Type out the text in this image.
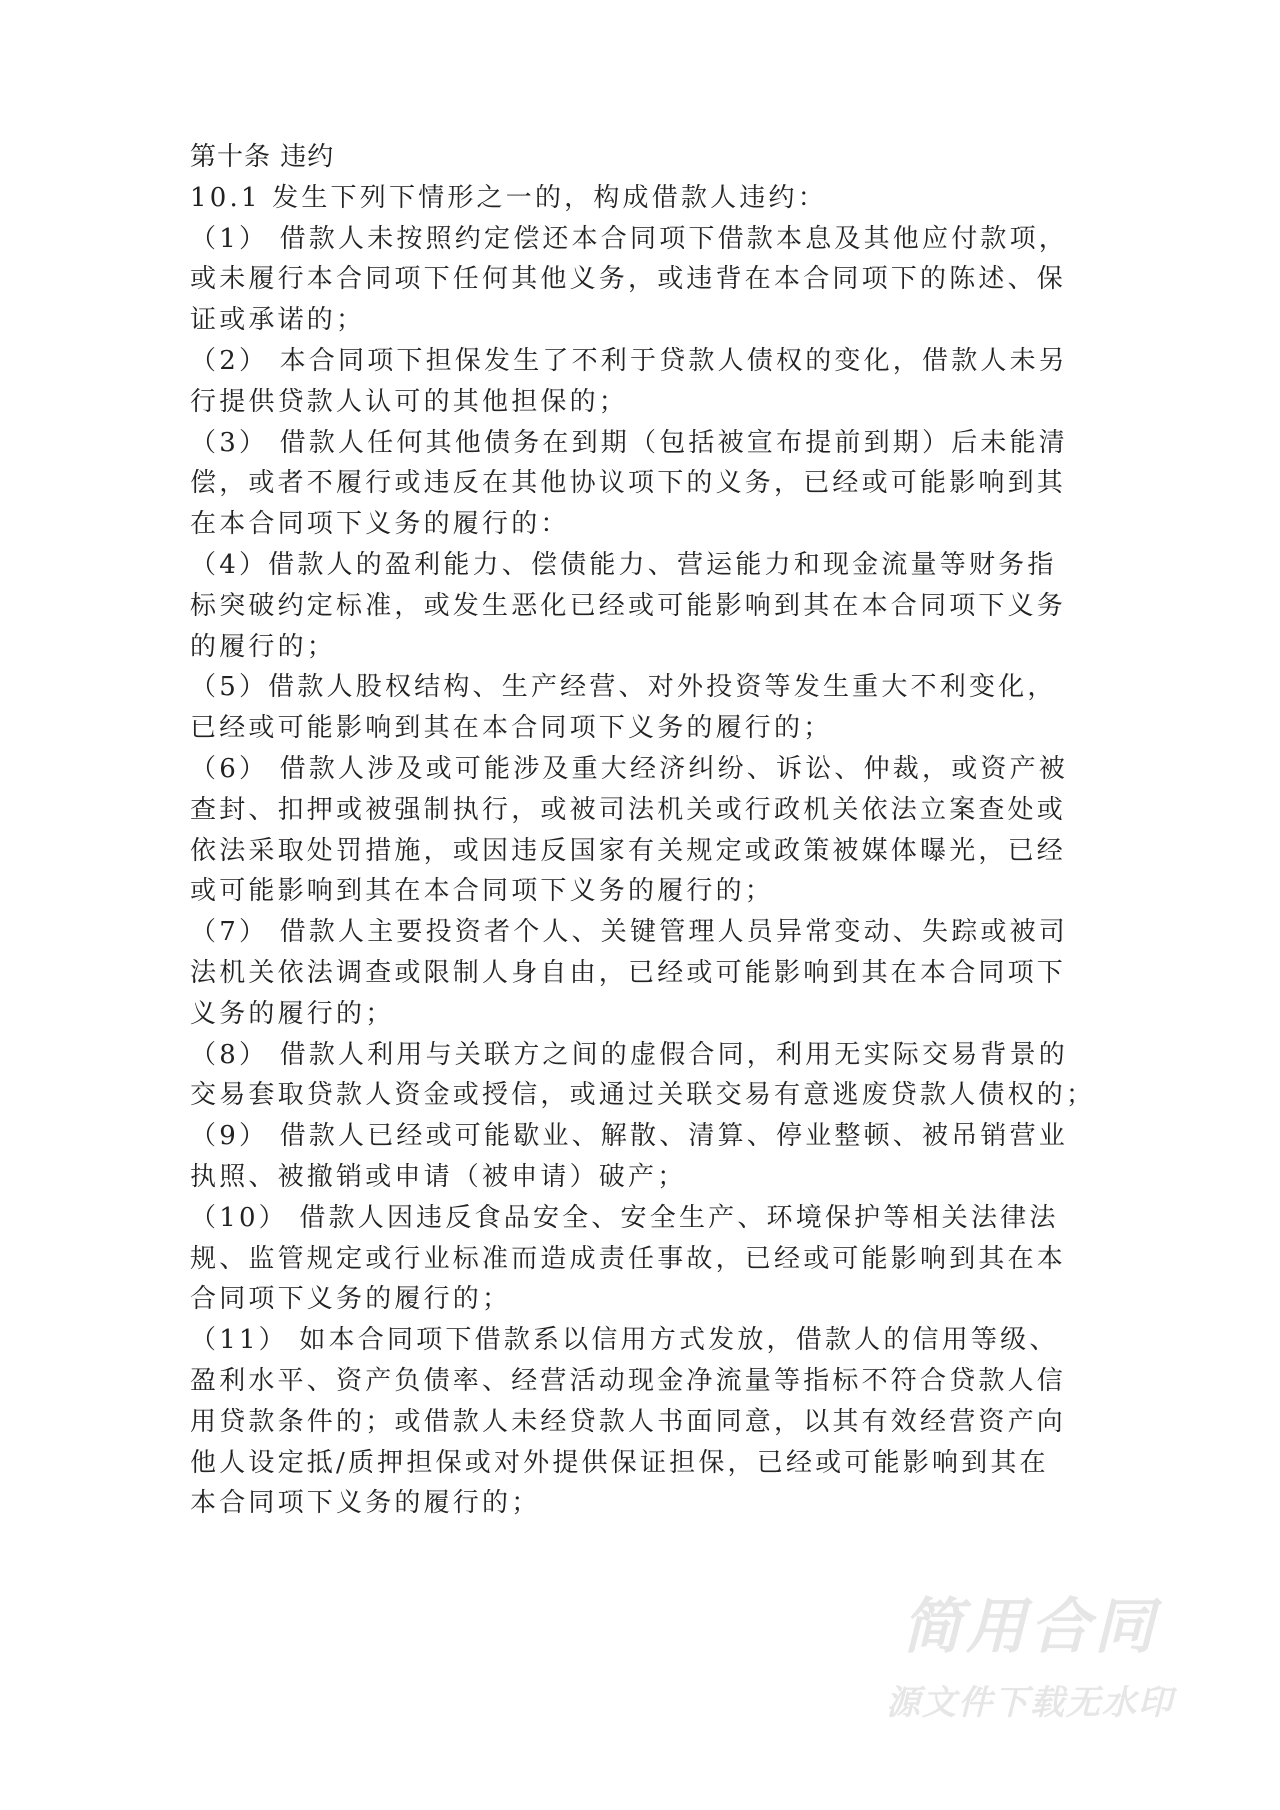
第十条 违约
10.1 发生下列下情形之一的，构成借款人违约：
（1） 借款人未按照约定偿还本合同项下借款本息及其他应付款项，
或未履行本合同项下任何其他义务，或违背在本合同项下的陈述、保
证或承诺的；
（2） 本合同项下担保发生了不利于贷款人债权的变化，借款人未另
行提供贷款人认可的其他担保的；
（3） 借款人任何其他债务在到期（包括被宣布提前到期）后未能清
偿，或者不履行或违反在其他协议项下的义务，已经或可能影响到其
在本合同项下义务的履行的：
（4）借款人的盈利能力、偿债能力、营运能力和现金流量等财务指
标突破约定标准，或发生恶化已经或可能影响到其在本合同项下义务
的履行的；
（5）借款人股权结构、生产经营、对外投资等发生重大不利变化，
已经或可能影响到其在本合同项下义务的履行的；
（6） 借款人涉及或可能涉及重大经济纠纷、诉讼、仲裁，或资产被
查封、扣押或被强制执行，或被司法机关或行政机关依法立案查处或
依法采取处罚措施，或因违反国家有关规定或政策被媒体曝光，已经
或可能影响到其在本合同项下义务的履行的；
（7） 借款人主要投资者个人、关键管理人员异常变动、失踪或被司
法机关依法调查或限制人身自由，已经或可能影响到其在本合同项下
义务的履行的；
（8） 借款人利用与关联方之间的虚假合同，利用无实际交易背景的
交易套取贷款人资金或授信，或通过关联交易有意逃废贷款人债权的；
（9） 借款人已经或可能歇业、解散、清算、停业整顿、被吊销营业
执照、被撤销或申请（被申请）破产；
（10） 借款人因违反食品安全、安全生产、环境保护等相关法律法
规、监管规定或行业标准而造成责任事故，已经或可能影响到其在本
合同项下义务的履行的；
（11） 如本合同项下借款系以信用方式发放，借款人的信用等级、
盈利水平、资产负债率、经营活动现金净流量等指标不符合贷款人信
用贷款条件的；或借款人未经贷款人书面同意，以其有效经营资产向
他人设定抵/质押担保或对外提供保证担保，已经或可能影响到其在
本合同项下义务的履行的；
简用合同
源文件下载无水印
